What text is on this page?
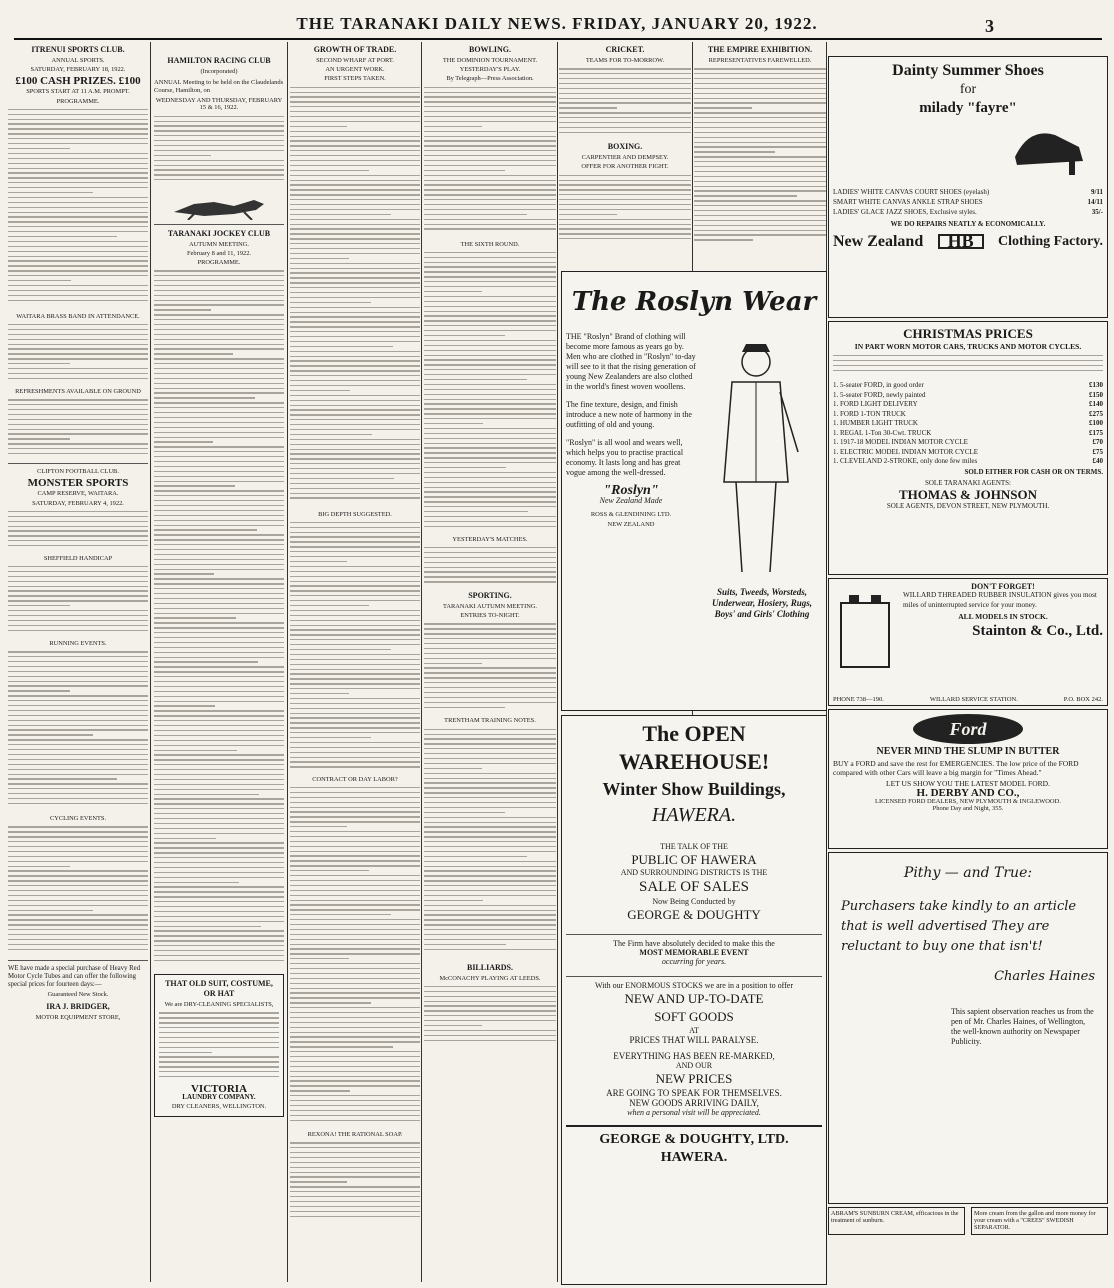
THE TARANAKI DAILY NEWS. FRIDAY, JANUARY 20, 1922.	3
ITRENUI SPORTS CLUB.
ANNUAL SPORTS.
SATURDAY, FEBRUARY 18, 1922.
£100 CASH PRIZES. £100
SPORTS START AT 11 A.M. PROMPT.
PROGRAMME.
WAITARA BRASS BAND IN ATTENDANCE.
REFRESHMENTS AVAILABLE ON GROUND
CLIFTON FOOTBALL CLUB.
MONSTER SPORTS
CAMP RESERVE, WAITARA.
SATURDAY, FEBRUARY 4, 1922.
SHEFFIELD HANDICAP
RUNNING EVENTS.
CYCLING EVENTS.
WE have made a special purchase of Heavy Red Motor Cycle Tubes and can offer the following special prices for fourteen days:—
Guaranteed New Stock.
IRA J. BRIDGER,
MOTOR EQUIPMENT STORE,
HAMILTON RACING CLUB
(Incorporated)
ANNUAL Meeting to be held on the Claudelands Course, Hamilton, on
WEDNESDAY AND THURSDAY, FEBRUARY 15 & 16, 1922.
TARANAKI JOCKEY CLUB
AUTUMN MEETING.
February 8 and 11, 1922.
PROGRAMME.
THAT OLD SUIT, COSTUME, OR HAT
We are DRY-CLEANING SPECIALISTS,
VICTORIA
LAUNDRY COMPANY.
DRY CLEANERS, WELLINGTON.
GROWTH OF TRADE.
SECOND WHARF AT PORT.
AN URGENT WORK.
FIRST STEPS TAKEN.
BIG DEPTH SUGGESTED.
CONTRACT OR DAY LABOR?
REXONA! THE RATIONAL SOAP.
BOWLING.
THE DOMINION TOURNAMENT.
YESTERDAY'S PLAY.
By Telegraph—Press Association.
THE SIXTH ROUND.
YESTERDAY'S MATCHES.
SPORTING.
TARANAKI AUTUMN MEETING.
ENTRIES TO-NIGHT.
TRENTHAM TRAINING NOTES.
BILLIARDS.
McCONACHY PLAYING AT LEEDS.
CRICKET.
TEAMS FOR TO-MORROW.
BOXING.
CARPENTIER AND DEMPSEY.
OFFER FOR ANOTHER FIGHT.
THE EMPIRE EXHIBITION.
REPRESENTATIVES FAREWELLED.
The Roslyn Wear
THE "Roslyn" Brand of clothing will become more famous as years go by. Men who are clothed in "Roslyn" to-day will see to it that the rising generation of young New Zealanders are also clothed in the world's finest woven woollens.
The fine texture, design, and finish introduce a new note of harmony in the outfitting of old and young.
"Roslyn" is all wool and wears well, which helps you to practise practical economy. It lasts long and has great vogue among the well-dressed.
"Roslyn"
New Zealand Made
ROSS & GLENDINING LTD.
NEW ZEALAND
Suits, Tweeds, Worsteds, Underwear, Hosiery, Rugs, Boys' and Girls' Clothing
The OPEN WAREHOUSE!
Winter Show Buildings,
HAWERA.
THE TALK OF THE
PUBLIC OF HAWERA
AND SURROUNDING DISTRICTS IS THE
SALE OF SALES
Now Being Conducted by
GEORGE & DOUGHTY
The Firm have absolutely decided to make this the
MOST MEMORABLE EVENT
occurring for years.
With our ENORMOUS STOCKS we are in a position to offer
NEW AND UP-TO-DATE
SOFT GOODS
AT
PRICES THAT WILL PARALYSE.
EVERYTHING HAS BEEN RE-MARKED,
AND OUR
NEW PRICES
ARE GOING TO SPEAK FOR THEMSELVES.
NEW GOODS ARRIVING DAILY,
when a personal visit will be appreciated.
GEORGE & DOUGHTY, LTD.
HAWERA.
Dainty Summer Shoes
for
milady "fayre"
LADIES' WHITE CANVAS COURT SHOES (eyelash)	9/11
SMART WHITE CANVAS ANKLE STRAP SHOES	14/11
LADIES' GLACE JAZZ SHOES, Exclusive styles.	35/-
WE DO REPAIRS NEATLY & ECONOMICALLY.
New Zealand	HB	Clothing Factory.
CHRISTMAS PRICES
IN PART WORN MOTOR CARS, TRUCKS AND MOTOR CYCLES.
1. 5-seater FORD, in good order	£130
1. 5-seater FORD, newly painted	£150
1. FORD LIGHT DELIVERY	£140
1. FORD 1-TON TRUCK	£275
1. HUMBER LIGHT TRUCK	£100
1. REGAL 1-Ton 30-Cwt. TRUCK	£175
1. 1917-18 MODEL INDIAN MOTOR CYCLE	£70
1. ELECTRIC MODEL INDIAN MOTOR CYCLE	£75
1. CLEVELAND 2-STROKE, only done few miles	£40
SOLD EITHER FOR CASH OR ON TERMS.
SOLE TARANAKI AGENTS:
THOMAS & JOHNSON
SOLE AGENTS, DEVON STREET, NEW PLYMOUTH.
DON'T FORGET!
WILLARD THREADED RUBBER INSULATION gives you most miles of uninterrupted service for your money.
ALL MODELS IN STOCK.
Stainton & Co., Ltd.
PHONE 738—190.	WILLARD SERVICE STATION.	P.O. BOX 242.
Ford
NEVER MIND THE SLUMP IN BUTTER
BUY a FORD and save the rest for EMERGENCIES. The low price of the FORD compared with other Cars will leave a big margin for "Times Ahead."
LET US SHOW YOU THE LATEST MODEL FORD.
H. DERBY AND CO.,
LICENSED FORD DEALERS, NEW PLYMOUTH & INGLEWOOD.
Phone Day and Night, 355.
Pithy — and True:
Purchasers take kindly to an article that is well advertised They are reluctant to buy one that isn't!
Charles Haines
This sapient observation reaches us from the pen of Mr. Charles Haines, of Wellington, the well-known authority on Newspaper Publicity.
ABRAM'S SUNBURN CREAM, efficacious in the treatment of sunburn.
More cream from the gallon and more money for your cream with a "CREES" SWEDISH SEPARATOR.
